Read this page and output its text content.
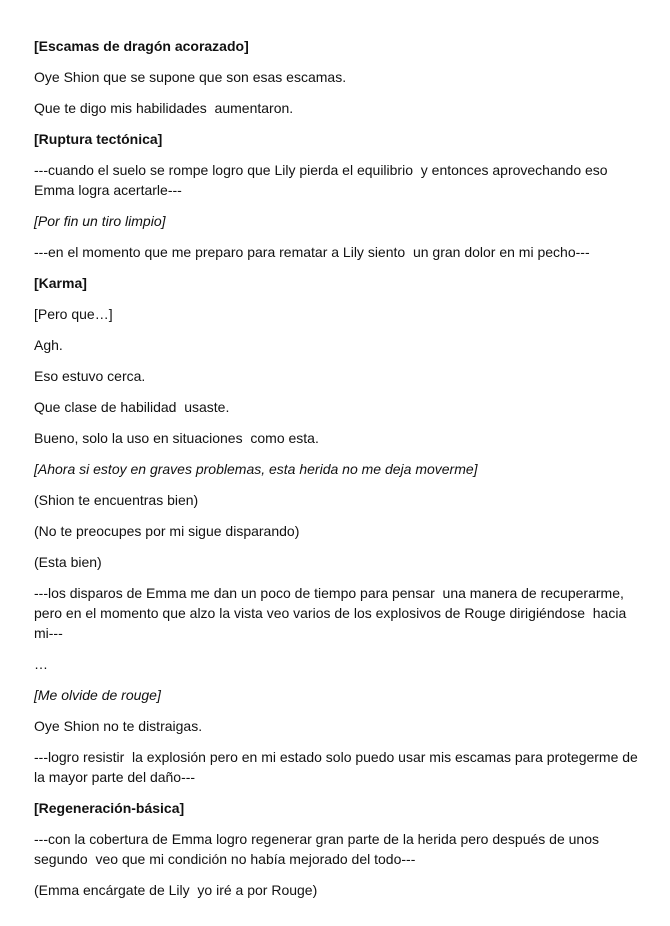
[Escamas de dragón acorazado]

Oye Shion que se supone que son esas escamas.

Que te digo mis habilidades  aumentaron.

[Ruptura tectónica]

---cuando el suelo se rompe logro que Lily pierda el equilibrio  y entonces aprovechando eso Emma logra acertarle---

[Por fin un tiro limpio]

---en el momento que me preparo para rematar a Lily siento  un gran dolor en mi pecho---

[Karma]

[Pero que…]

Agh.

Eso estuvo cerca.

Que clase de habilidad  usaste.

Bueno, solo la uso en situaciones  como esta.

[Ahora si estoy en graves problemas, esta herida no me deja moverme]

(Shion te encuentras bien)

(No te preocupes por mi sigue disparando)

(Esta bien)

---los disparos de Emma me dan un poco de tiempo para pensar  una manera de recuperarme, pero en el momento que alzo la vista veo varios de los explosivos de Rouge dirigiéndose  hacia mi---

…

[Me olvide de rouge]

Oye Shion no te distraigas.

---logro resistir  la explosión pero en mi estado solo puedo usar mis escamas para protegerme de la mayor parte del daño---

[Regeneración-básica]

---con la cobertura de Emma logro regenerar gran parte de la herida pero después de unos segundo  veo que mi condición no había mejorado del todo---

(Emma encárgate de Lily  yo iré a por Rouge)
